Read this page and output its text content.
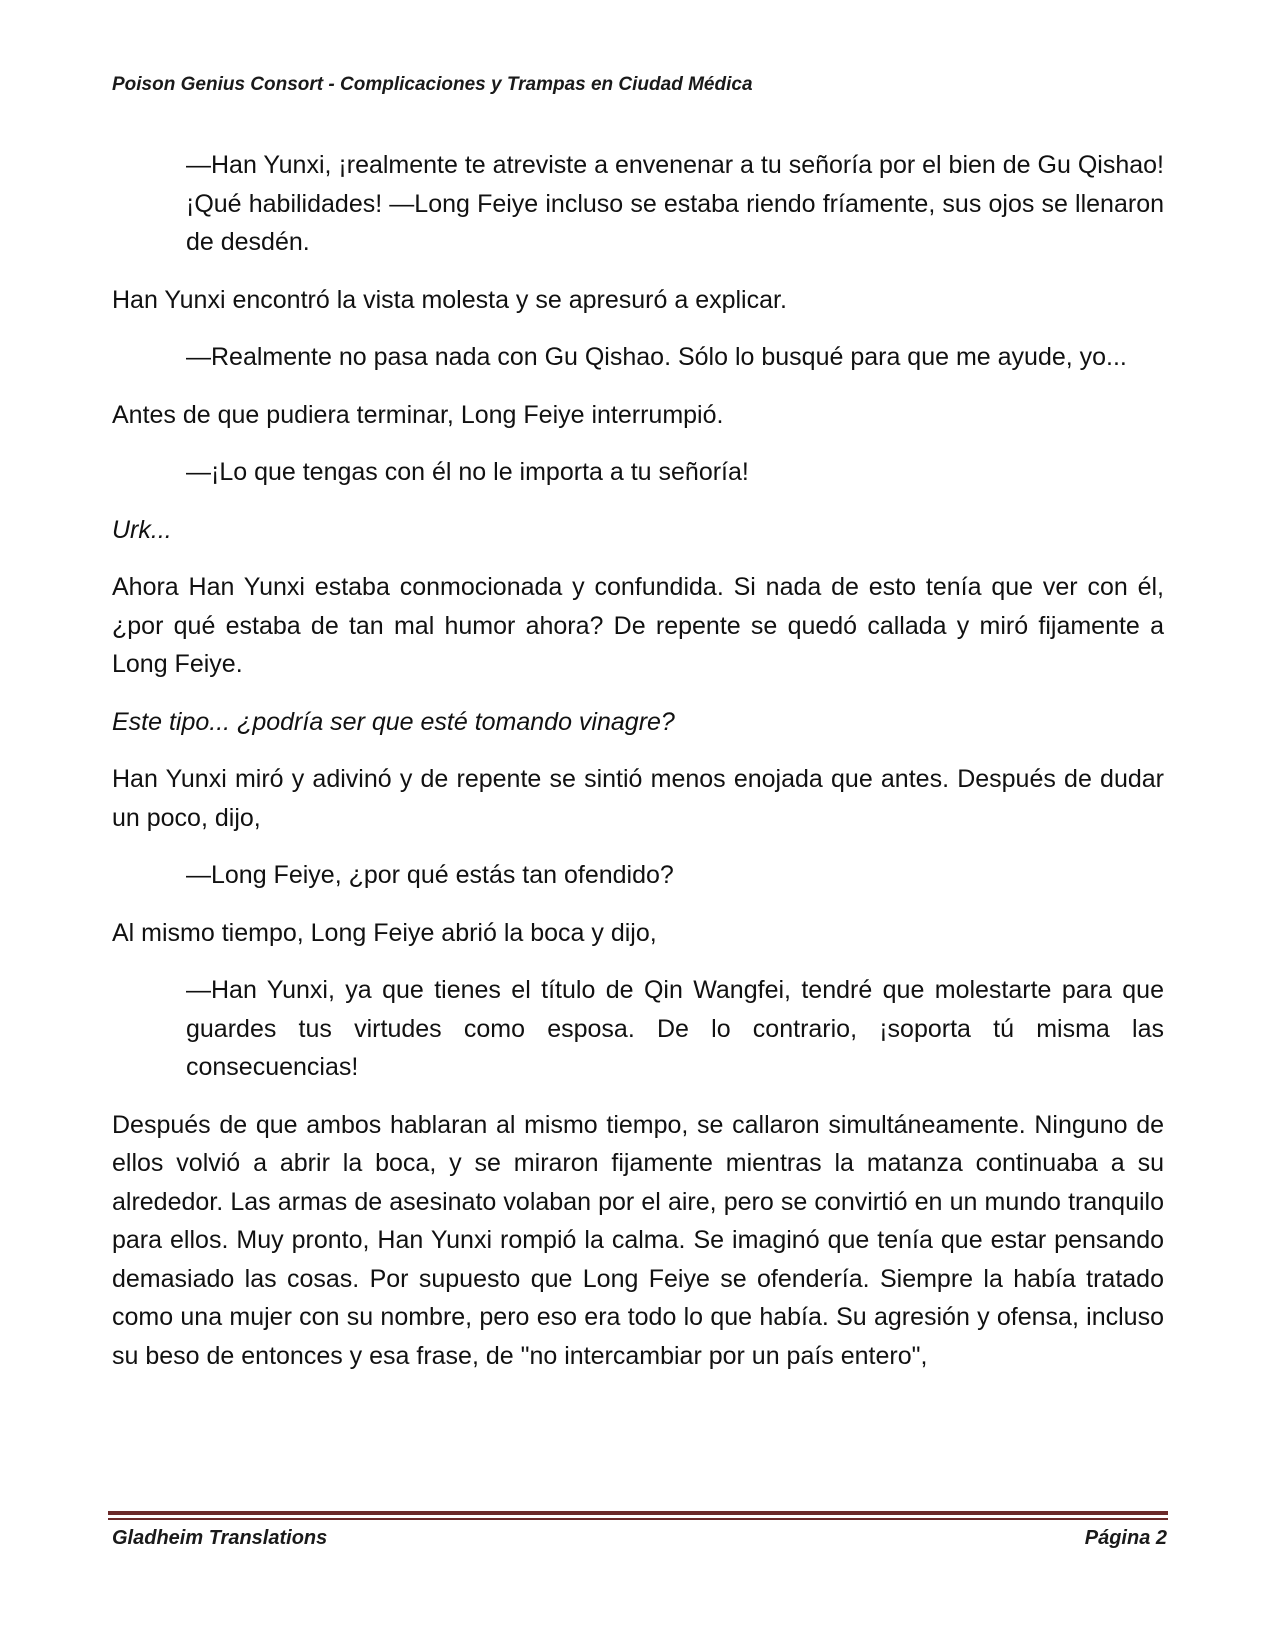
Poison Genius Consort - Complicaciones y Trampas en Ciudad Médica

—Han Yunxi, ¡realmente te atreviste a envenenar a tu señoría por el bien de Gu Qishao! ¡Qué habilidades! —Long Feiye incluso se estaba riendo fríamente, sus ojos se llenaron de desdén.

Han Yunxi encontró la vista molesta y se apresuró a explicar.

—Realmente no pasa nada con Gu Qishao. Sólo lo busqué para que me ayude, yo...

Antes de que pudiera terminar, Long Feiye interrumpió.

—¡Lo que tengas con él no le importa a tu señoría!

Urk...

Ahora Han Yunxi estaba conmocionada y confundida. Si nada de esto tenía que ver con él, ¿por qué estaba de tan mal humor ahora? De repente se quedó callada y miró fijamente a Long Feiye.

Este tipo... ¿podría ser que esté tomando vinagre?

Han Yunxi miró y adivinó y de repente se sintió menos enojada que antes. Después de dudar un poco, dijo,

—Long Feiye, ¿por qué estás tan ofendido?

Al mismo tiempo, Long Feiye abrió la boca y dijo,

—Han Yunxi, ya que tienes el título de Qin Wangfei, tendré que molestarte para que guardes tus virtudes como esposa. De lo contrario, ¡soporta tú misma las consecuencias!

Después de que ambos hablaran al mismo tiempo, se callaron simultáneamente. Ninguno de ellos volvió a abrir la boca, y se miraron fijamente mientras la matanza continuaba a su alrededor. Las armas de asesinato volaban por el aire, pero se convirtió en un mundo tranquilo para ellos. Muy pronto, Han Yunxi rompió la calma. Se imaginó que tenía que estar pensando demasiado las cosas. Por supuesto que Long Feiye se ofendería. Siempre la había tratado como una mujer con su nombre, pero eso era todo lo que había. Su agresión y ofensa, incluso su beso de entonces y esa frase, de "no intercambiar por un país entero",

Gladheim Translations	Página 2
